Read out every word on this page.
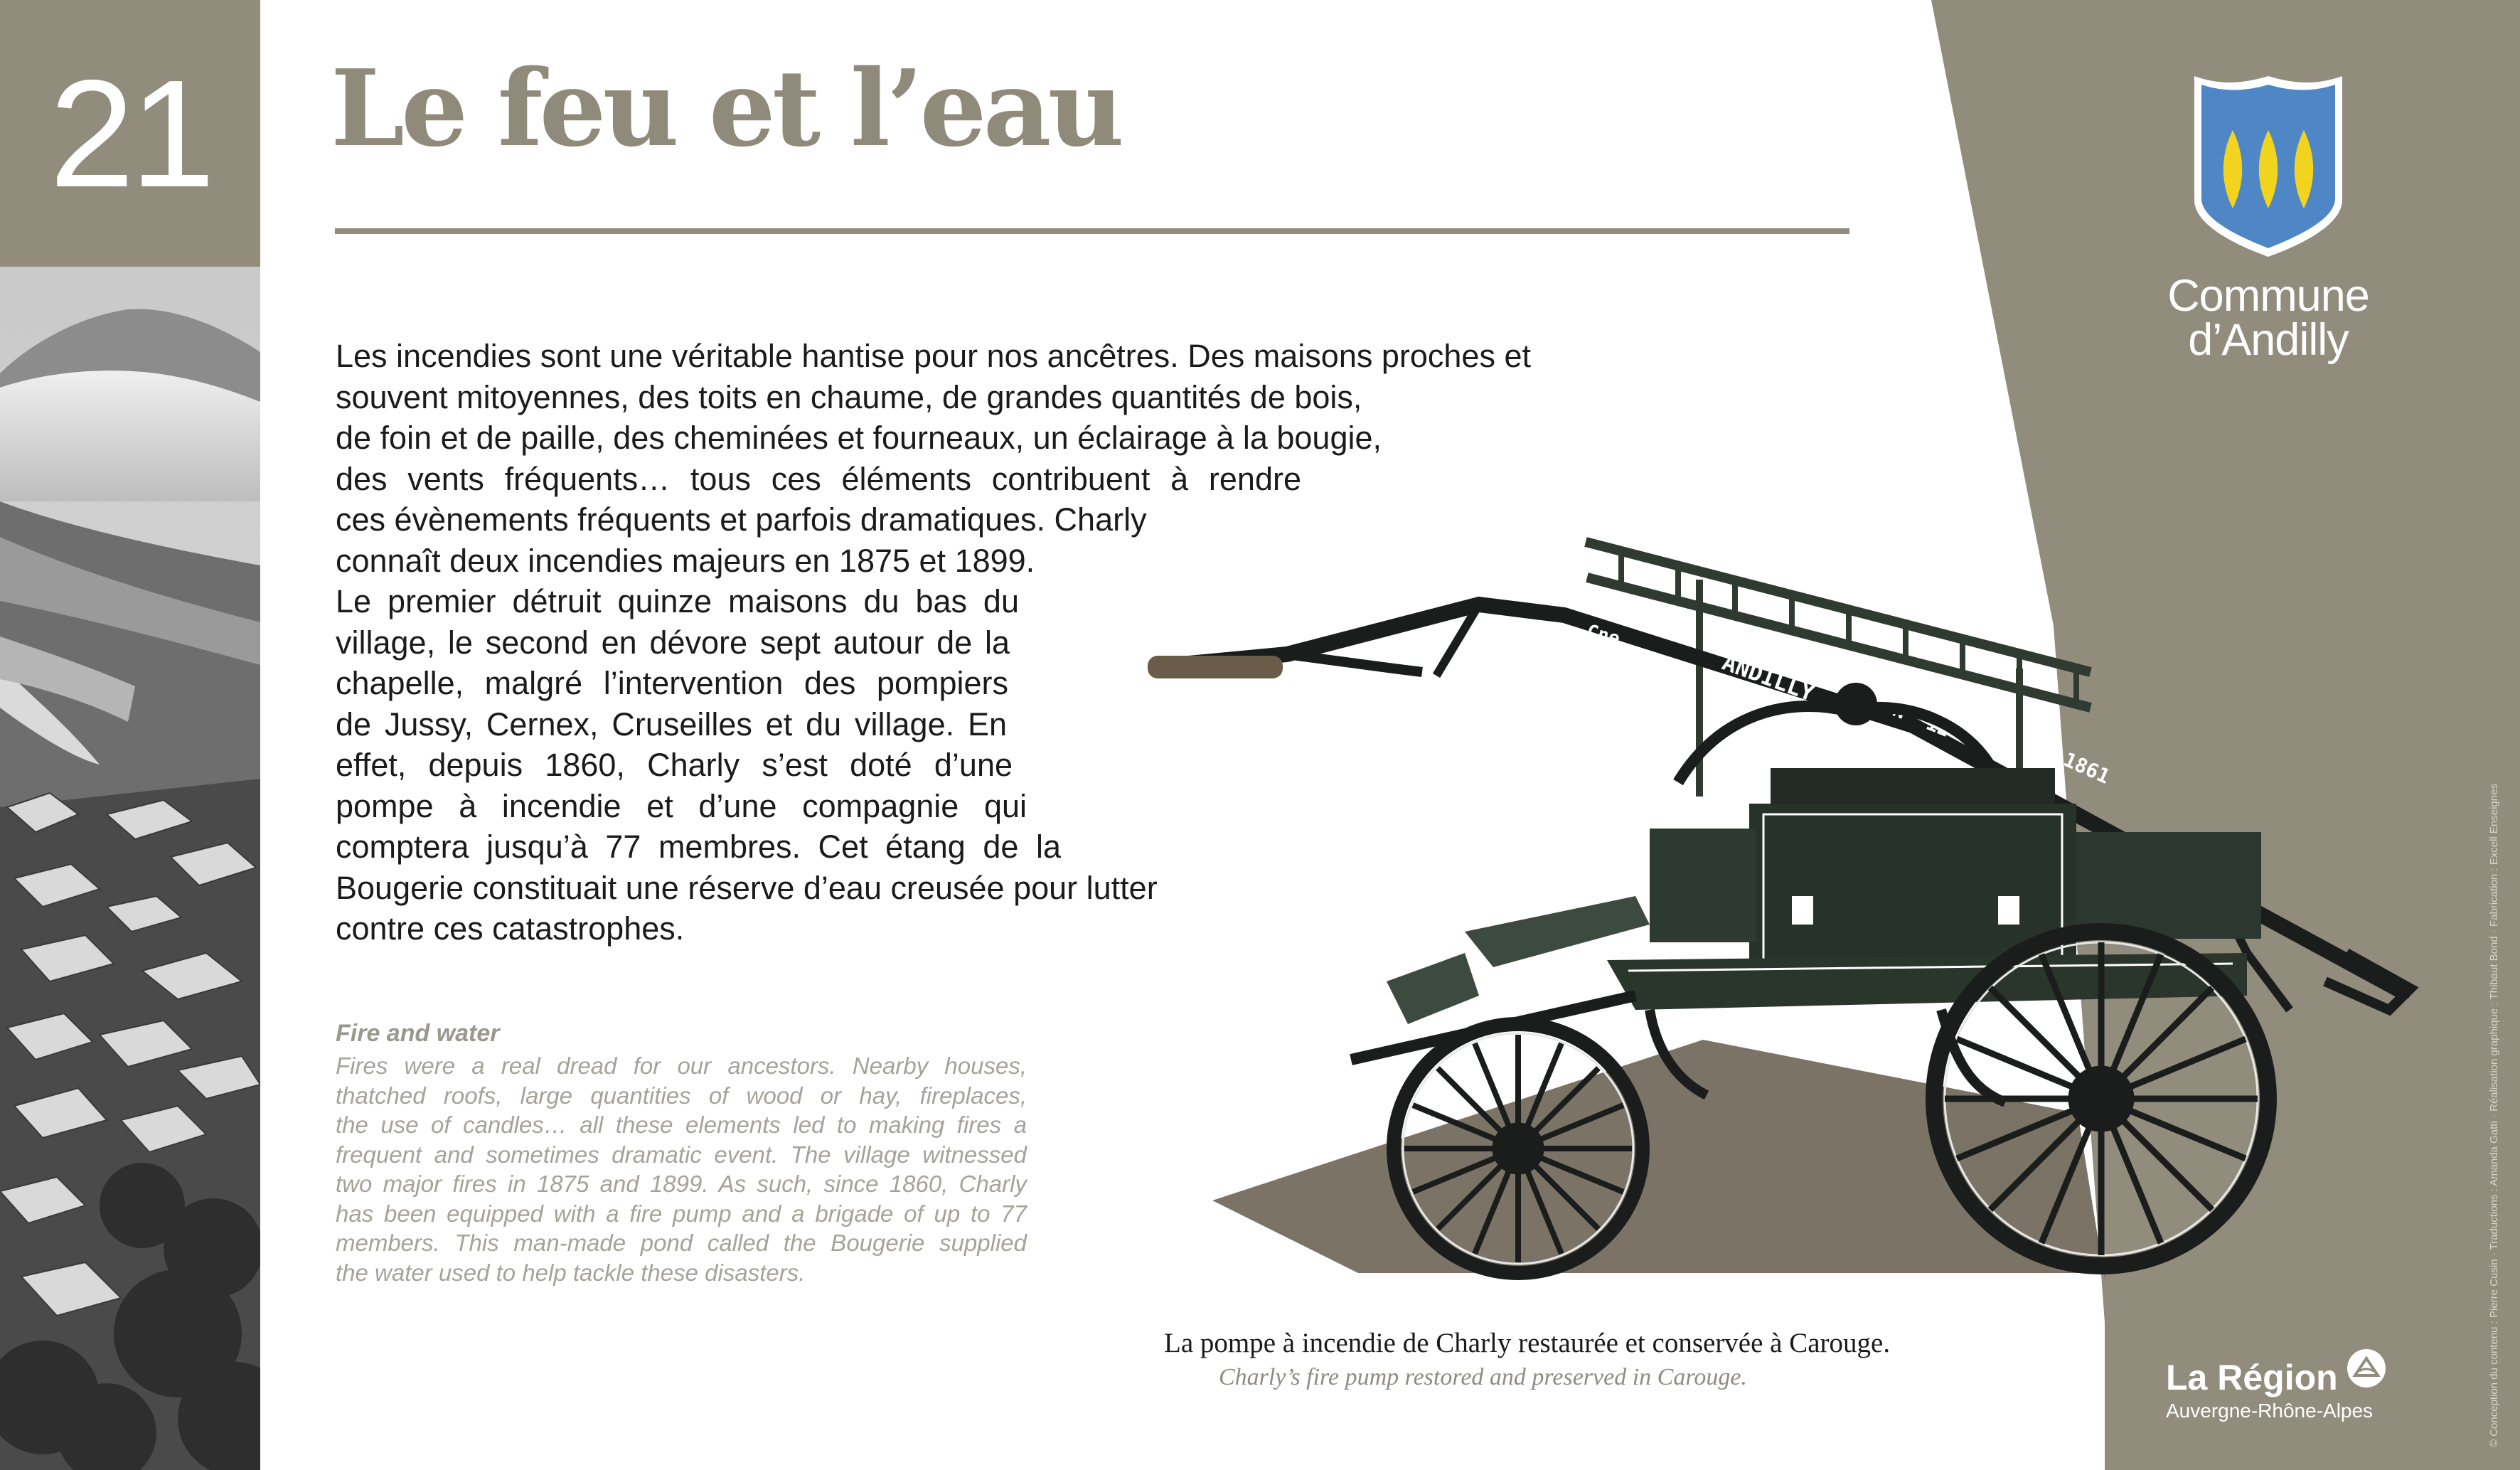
21	Le feu et l’eau
Les incendies sont une véritable hantise pour nos ancêtres. Des maisons proches et
souvent mitoyennes, des toits en chaume, de grandes quantités de bois,
de foin et de paille, des cheminées et fourneaux, un éclairage à la bougie,
des vents fréquents… tous ces éléments contribuent à rendre
ces évènements fréquents et parfois dramatiques. Charly
connaît deux incendies majeurs en 1875 et 1899.
Le premier détruit quinze maisons du bas du
village, le second en dévore sept autour de la
chapelle, malgré l’intervention des pompiers
de Jussy, Cernex, Cruseilles et du village. En
effet, depuis 1860, Charly s’est doté d’une
pompe à incendie et d’une compagnie qui
comptera jusqu’à 77 membres. Cet étang de la
Bougerie constituait une réserve d’eau creusée pour lutter
contre ces catastrophes.
Fire and water
Fires were a real dread for our ancestors. Nearby houses,
thatched roofs, large quantities of wood or hay, fireplaces,
the use of candles… all these elements led to making fires a
frequent and sometimes dramatic event. The village witnessed
two major fires in 1875 and 1899. As such, since 1860, Charly
has been equipped with a fire pump and a brigade of up to 77
members. This man-made pond called the Bougerie supplied
the water used to help tackle these disasters.
Cne
ANDILLY
N° 12
1861
La pompe à incendie de Charly restaurée et conservée à Carouge.
Charly’s fire pump restored and preserved in Carouge.
Commune
d’Andilly
La Région
Auvergne-Rhône-Alpes	© Conception du contenu : Pierre Cusin · Traductions : Amanda Gatti · Réalisation graphique : Thibaut Bond · Fabrication : Excell Enseignes
